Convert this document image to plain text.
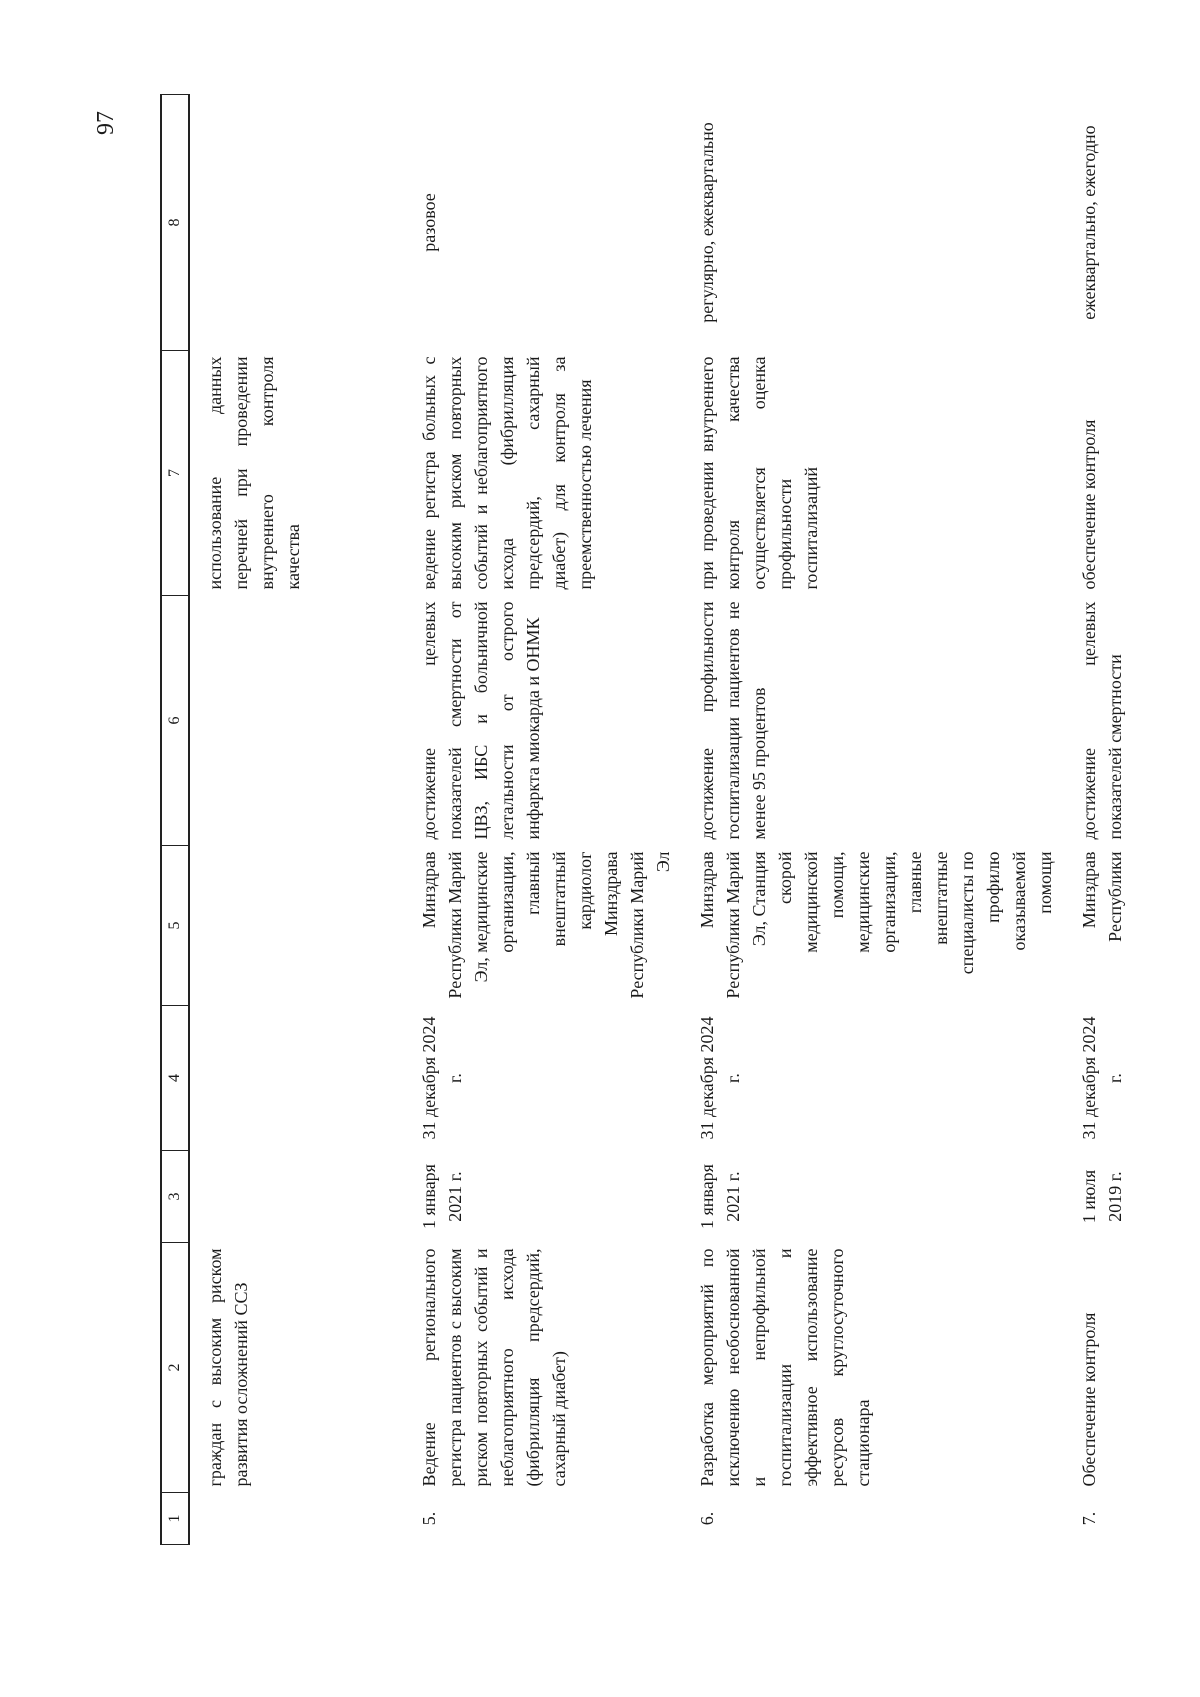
97
1	2	3	4	5	6	7	8
	граждан с высоким риском развития осложнений ССЗ					использование данных перечней при проведении внутреннего контроля качества	
5.	Ведение регионального регистра пациентов с высоким риском повторных событий и неблагоприятного исхода (фибрилляция предсердий, сахарный диабет)	1 января 2021 г.	31 декабря 2024 г.	Минздрав Республики Марий Эл, медицинские организации, главный внештатный кардиолог Минздрава Республики Марий Эл	достижение целевых показателей смертности от ЦВЗ, ИБС и больничной летальности от острого инфаркта миокарда и ОНМК	ведение регистра больных с высоким риском повторных событий и неблагоприятного исхода (фибрилляция предсердий, сахарный диабет) для контроля за преемственностью лечения	разовое
6.	Разработка мероприятий по исключению необоснованной и непрофильной госпитализации и эффективное использование ресурсов круглосуточного стационара	1 января 2021 г.	31 декабря 2024 г.	Минздрав Республики Марий Эл, Станция скорой медицинской помощи, медицинские организации, главные внештатные специалисты по профилю оказываемой помощи	достижение профильности госпитализации пациентов не менее 95 процентов	при проведении внутреннего контроля качества осуществляется оценка профильности госпитализаций	регулярно, ежеквартально
7.	Обеспечение контроля	1 июля 2019 г.	31 декабря 2024 г.	Минздрав Республики	достижение целевых показателей смертности	обеспечение контроля	ежеквартально, ежегодно
